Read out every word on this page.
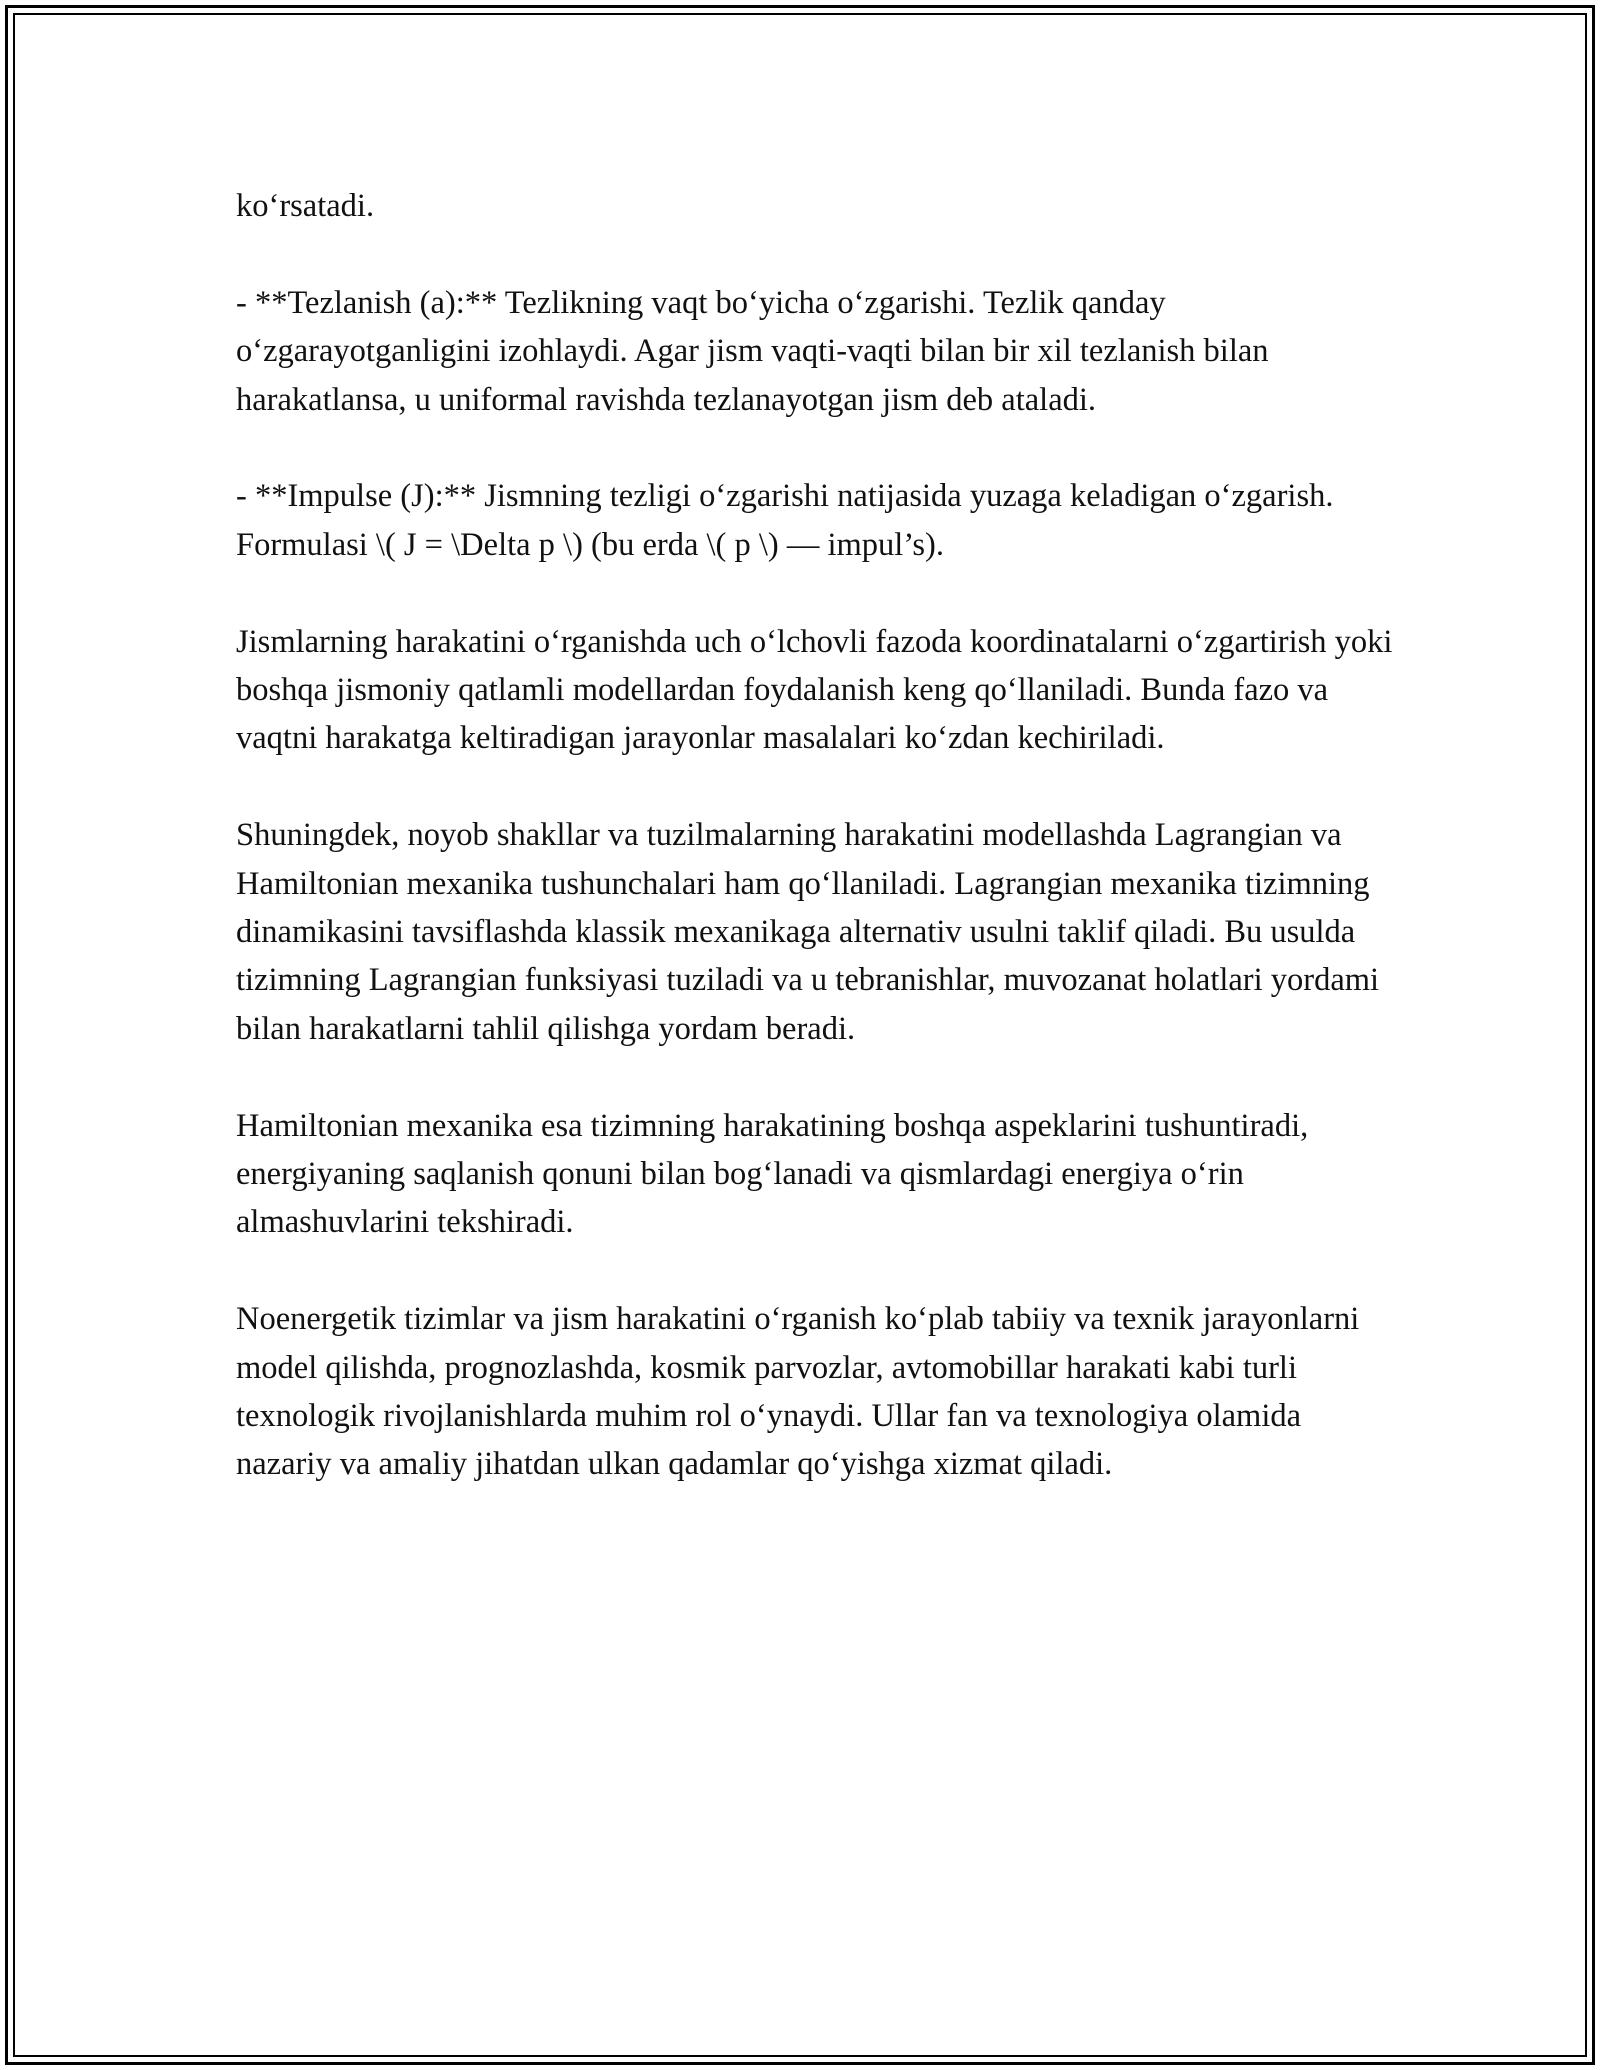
ko‘rsatadi.

- **Tezlanish (a):** Tezlikning vaqt bo‘yicha o‘zgarishi. Tezlik qanday o‘zgarayotganligini izohlaydi. Agar jism vaqti-vaqti bilan bir xil tezlanish bilan harakatlansa, u uniformal ravishda tezlanayotgan jism deb ataladi.

- **Impulse (J):** Jismning tezligi o‘zgarishi natijasida yuzaga keladigan o‘zgarish. Formulasi \( J = \Delta p \) (bu erda \( p \) — impul’s).

Jismlarning harakatini o‘rganishda uch o‘lchovli fazoda koordinatalarni o‘zgartirish yoki boshqa jismoniy qatlamli modellardan foydalanish keng qo‘llaniladi. Bunda fazo va vaqtni harakatga keltiradigan jarayonlar masalalari ko‘zdan kechiriladi.

Shuningdek, noyob shakllar va tuzilmalarning harakatini modellashda Lagrangian va Hamiltonian mexanika tushunchalari ham qo‘llaniladi. Lagrangian mexanika tizimning dinamikasini tavsiflashda klassik mexanikaga alternativ usulni taklif qiladi. Bu usulda tizimning Lagrangian funksiyasi tuziladi va u tebranishlar, muvozanat holatlari yordami bilan harakatlarni tahlil qilishga yordam beradi.

Hamiltonian mexanika esa tizimning harakatining boshqa aspeklarini tushuntiradi, energiyaning saqlanish qonuni bilan bog‘lanadi va qismlardagi energiya o‘rin almashuvlarini tekshiradi.

Noenergetik tizimlar va jism harakatini o‘rganish ko‘plab tabiiy va texnik jarayonlarni model qilishda, prognozlashda, kosmik parvozlar, avtomobillar harakati kabi turli texnologik rivojlanishlarda muhim rol o‘ynaydi. Ullar fan va texnologiya olamida nazariy va amaliy jihatdan ulkan qadamlar qo‘yishga xizmat qiladi.
